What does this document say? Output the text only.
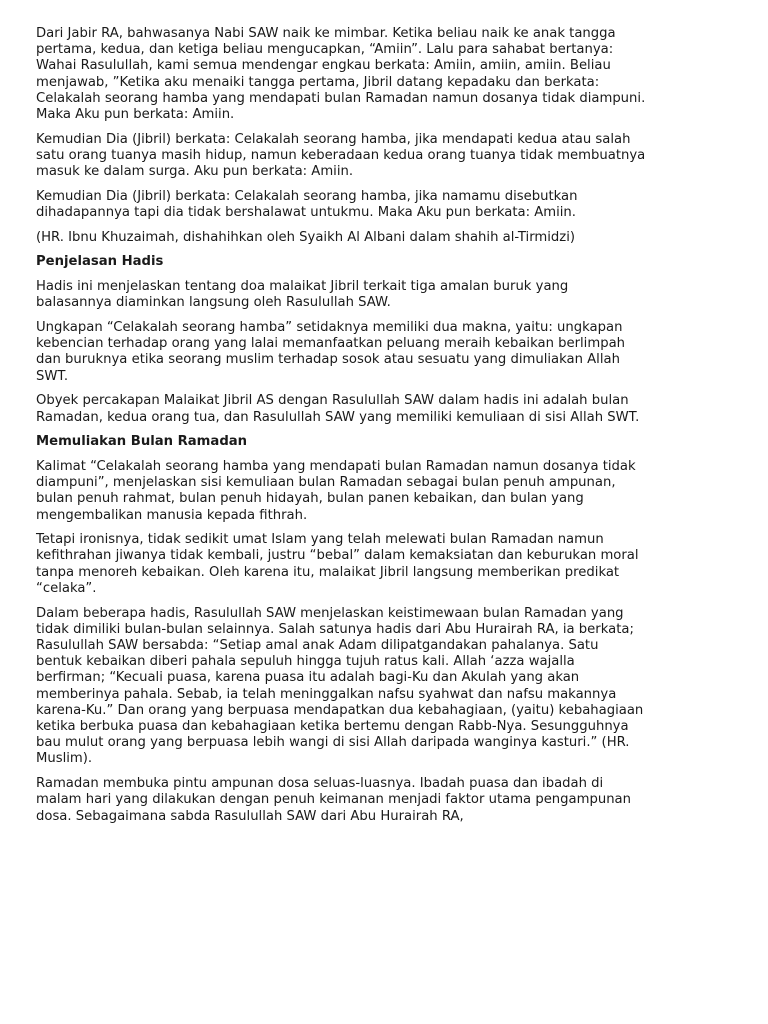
Dari Jabir RA, bahwasanya Nabi SAW naik ke mimbar. Ketika beliau naik ke anak tangga
pertama, kedua, dan ketiga beliau mengucapkan, “Amiin”. Lalu para sahabat bertanya:
Wahai Rasulullah, kami semua mendengar engkau berkata: Amiin, amiin, amiin. Beliau
menjawab, ”Ketika aku menaiki tangga pertama, Jibril datang kepadaku dan berkata:
Celakalah seorang hamba yang mendapati bulan Ramadan namun dosanya tidak diampuni.
Maka Aku pun berkata: Amiin.

Kemudian Dia (Jibril) berkata: Celakalah seorang hamba, jika mendapati kedua atau salah
satu orang tuanya masih hidup, namun keberadaan kedua orang tuanya tidak membuatnya
masuk ke dalam surga. Aku pun berkata: Amiin.

Kemudian Dia (Jibril) berkata: Celakalah seorang hamba, jika namamu disebutkan
dihadapannya tapi dia tidak bershalawat untukmu. Maka Aku pun berkata: Amiin.

(HR. Ibnu Khuzaimah, dishahihkan oleh Syaikh Al Albani dalam shahih al-Tirmidzi)

Penjelasan Hadis

Hadis ini menjelaskan tentang doa malaikat Jibril terkait tiga amalan buruk yang
balasannya diaminkan langsung oleh Rasulullah SAW.

Ungkapan “Celakalah seorang hamba” setidaknya memiliki dua makna, yaitu: ungkapan
kebencian terhadap orang yang lalai memanfaatkan peluang meraih kebaikan berlimpah
dan buruknya etika seorang muslim terhadap sosok atau sesuatu yang dimuliakan Allah
SWT.

Obyek percakapan Malaikat Jibril AS dengan Rasulullah SAW dalam hadis ini adalah bulan
Ramadan, kedua orang tua, dan Rasulullah SAW yang memiliki kemuliaan di sisi Allah SWT.

Memuliakan Bulan Ramadan

Kalimat “Celakalah seorang hamba yang mendapati bulan Ramadan namun dosanya tidak
diampuni”, menjelaskan sisi kemuliaan bulan Ramadan sebagai bulan penuh ampunan,
bulan penuh rahmat, bulan penuh hidayah, bulan panen kebaikan, dan bulan yang
mengembalikan manusia kepada fithrah.

Tetapi ironisnya, tidak sedikit umat Islam yang telah melewati bulan Ramadan namun
kefithrahan jiwanya tidak kembali, justru “bebal” dalam kemaksiatan dan keburukan moral
tanpa menoreh kebaikan. Oleh karena itu, malaikat Jibril langsung memberikan predikat
“celaka”.

Dalam beberapa hadis, Rasulullah SAW menjelaskan keistimewaan bulan Ramadan yang
tidak dimiliki bulan-bulan selainnya. Salah satunya hadis dari Abu Hurairah RA, ia berkata;
Rasulullah SAW bersabda: “Setiap amal anak Adam dilipatgandakan pahalanya. Satu
bentuk kebaikan diberi pahala sepuluh hingga tujuh ratus kali. Allah ‘azza wajalla
berfirman; “Kecuali puasa, karena puasa itu adalah bagi-Ku dan Akulah yang akan
memberinya pahala. Sebab, ia telah meninggalkan nafsu syahwat dan nafsu makannya
karena-Ku.” Dan orang yang berpuasa mendapatkan dua kebahagiaan, (yaitu) kebahagiaan
ketika berbuka puasa dan kebahagiaan ketika bertemu dengan Rabb-Nya. Sesungguhnya
bau mulut orang yang berpuasa lebih wangi di sisi Allah daripada wanginya kasturi.” (HR.
Muslim).

Ramadan membuka pintu ampunan dosa seluas-luasnya. Ibadah puasa dan ibadah di
malam hari yang dilakukan dengan penuh keimanan menjadi faktor utama pengampunan
dosa. Sebagaimana sabda Rasulullah SAW dari Abu Hurairah RA,
